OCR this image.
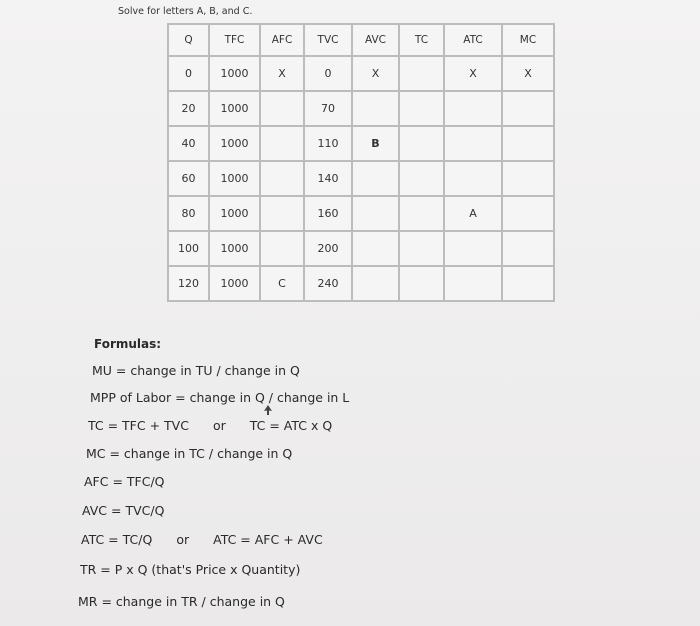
Solve for letters A, B, and C.
Q	TFC	AFC	TVC	AVC	TC	ATC	MC
0	1000	X	0	X		X	X
20	1000		70				
40	1000		110	B			
60	1000		140				
80	1000		160			A	
100	1000		200				
120	1000	C	240				
Formulas:
MU = change in TU / change in Q
MPP of Labor = change in Q / change in L
TC = TFC + TVC or TC = ATC x Q
MC = change in TC / change in Q
AFC = TFC/Q
AVC = TVC/Q
ATC = TC/Q or ATC = AFC + AVC
TR = P x Q (that's Price x Quantity)
MR = change in TR / change in Q
